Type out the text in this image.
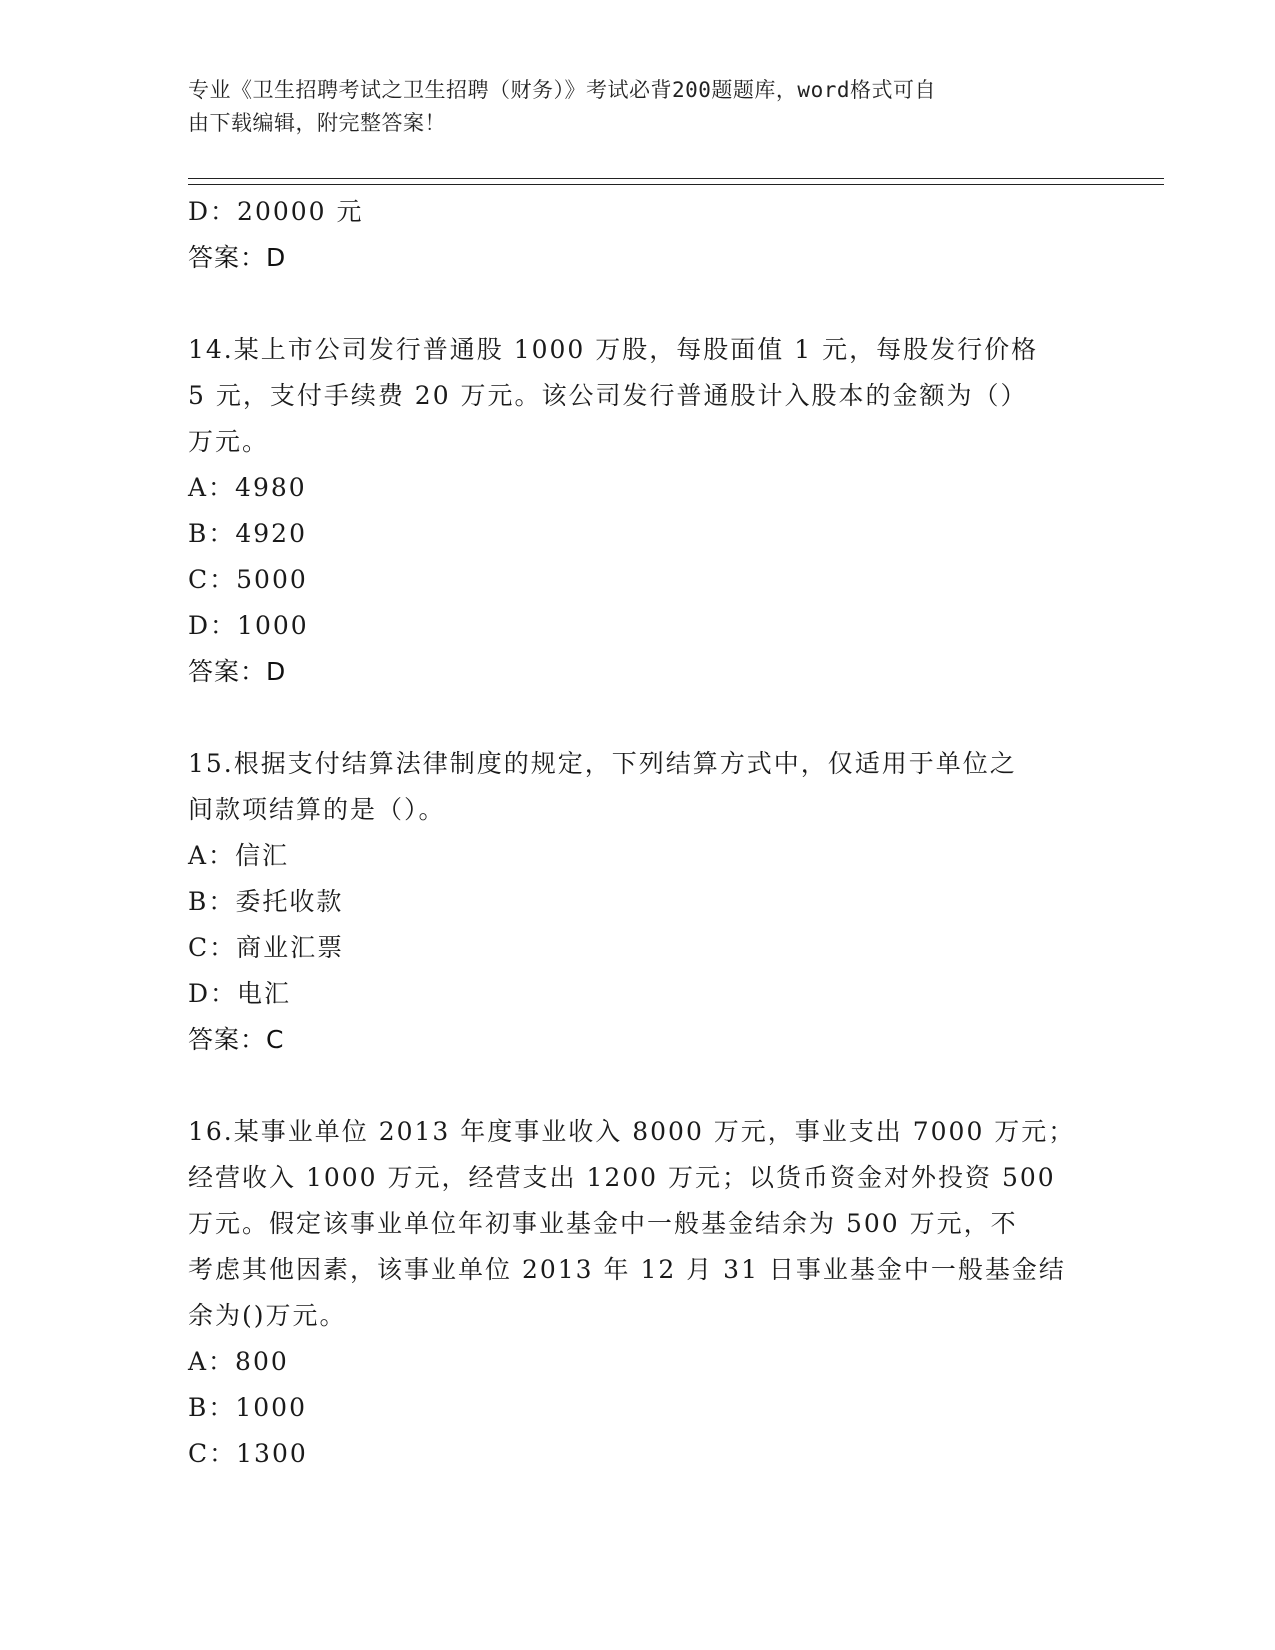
专业《卫生招聘考试之卫生招聘（财务）》考试必背200题题库，word格式可自
由下载编辑，附完整答案！
D：20000 元
答案：D
14.某上市公司发行普通股 1000 万股，每股面值 1 元，每股发行价格
5 元，支付手续费 20 万元。该公司发行普通股计入股本的金额为（）
万元。
A：4980
B：4920
C：5000
D：1000
答案：D
15.根据支付结算法律制度的规定，下列结算方式中，仅适用于单位之
间款项结算的是（）。
A：信汇
B：委托收款
C：商业汇票
D：电汇
答案：C
16.某事业单位 2013 年度事业收入 8000 万元，事业支出 7000 万元；
经营收入 1000 万元，经营支出 1200 万元；以货币资金对外投资 500
万元。假定该事业单位年初事业基金中一般基金结余为 500 万元，不
考虑其他因素，该事业单位 2013 年 12 月 31 日事业基金中一般基金结
余为()万元。
A：800
B：1000
C：1300
